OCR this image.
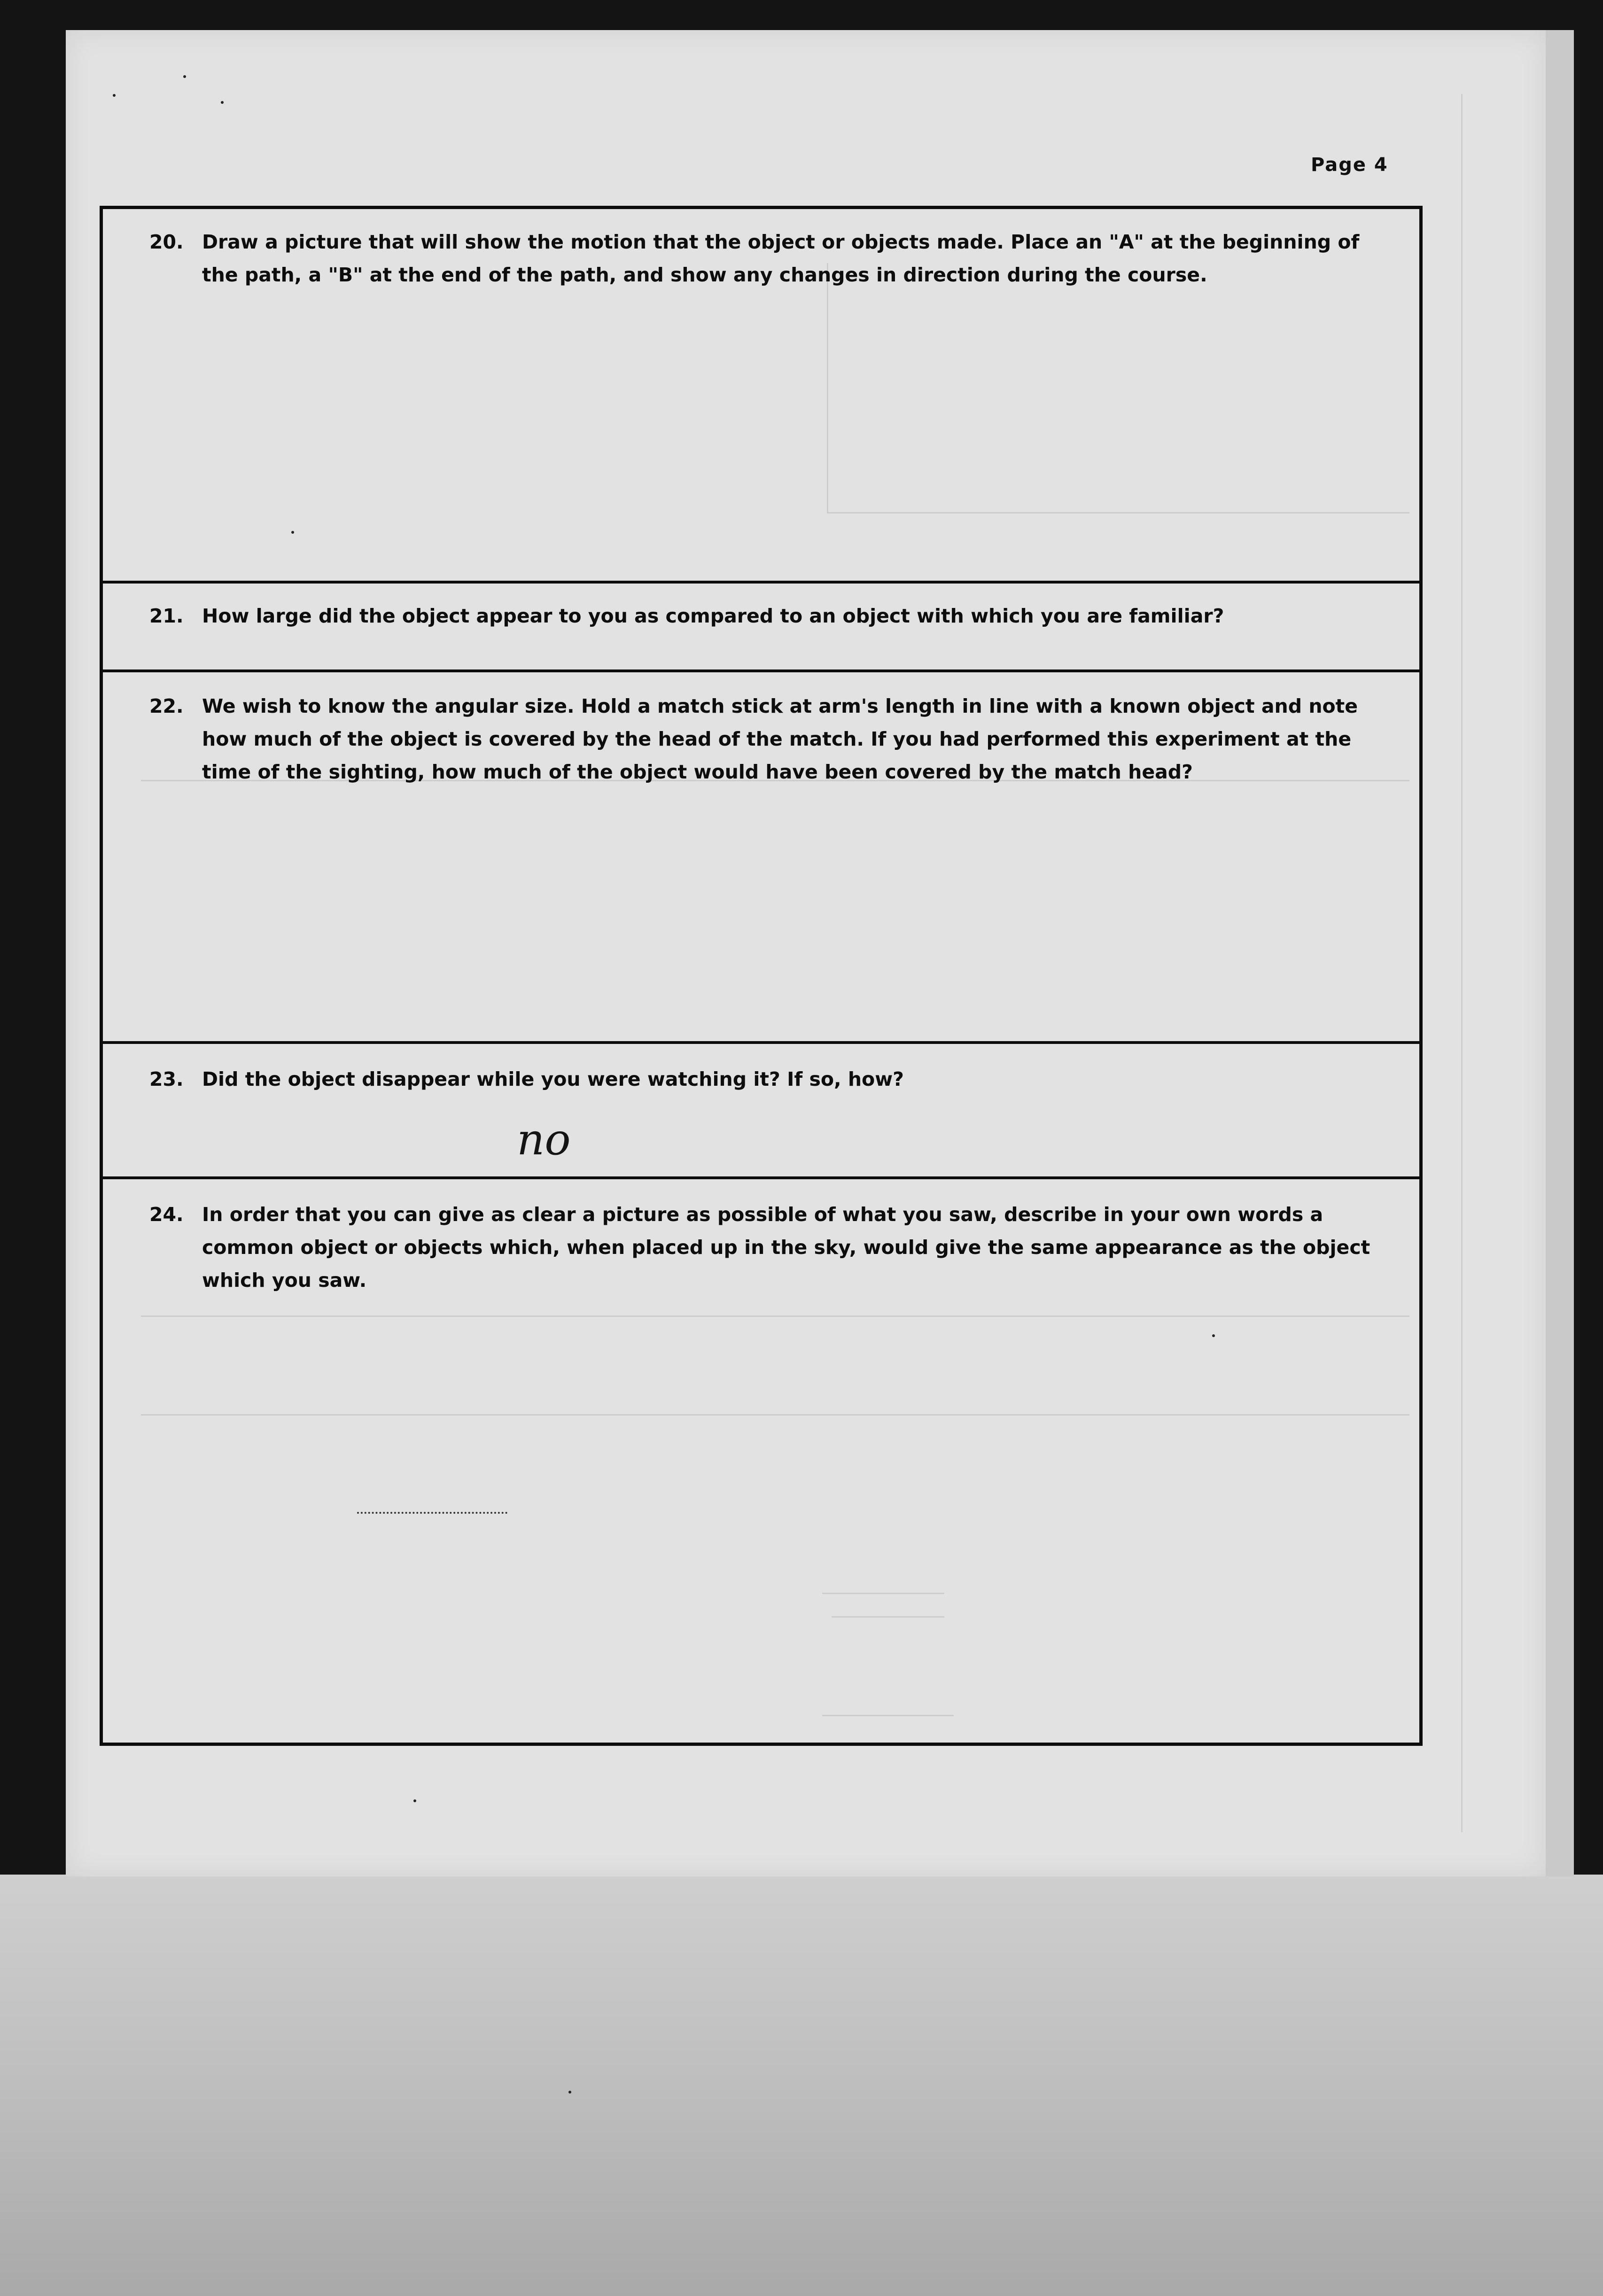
Page 4
20. Draw a picture that will show the motion that the object or objects made. Place an "A" at the beginning of the path, a "B" at the end of the path, and show any changes in direction during the course.
21. How large did the object appear to you as compared to an object with which you are familiar?
22. We wish to know the angular size. Hold a match stick at arm's length in line with a known object and note how much of the object is covered by the head of the match. If you had performed this experiment at the time of the sighting, how much of the object would have been covered by the match head?
23. Did the object disappear while you were watching it? If so, how?
no
24. In order that you can give as clear a picture as possible of what you saw, describe in your own words a common object or objects which, when placed up in the sky, would give the same appearance as the object which you saw.
